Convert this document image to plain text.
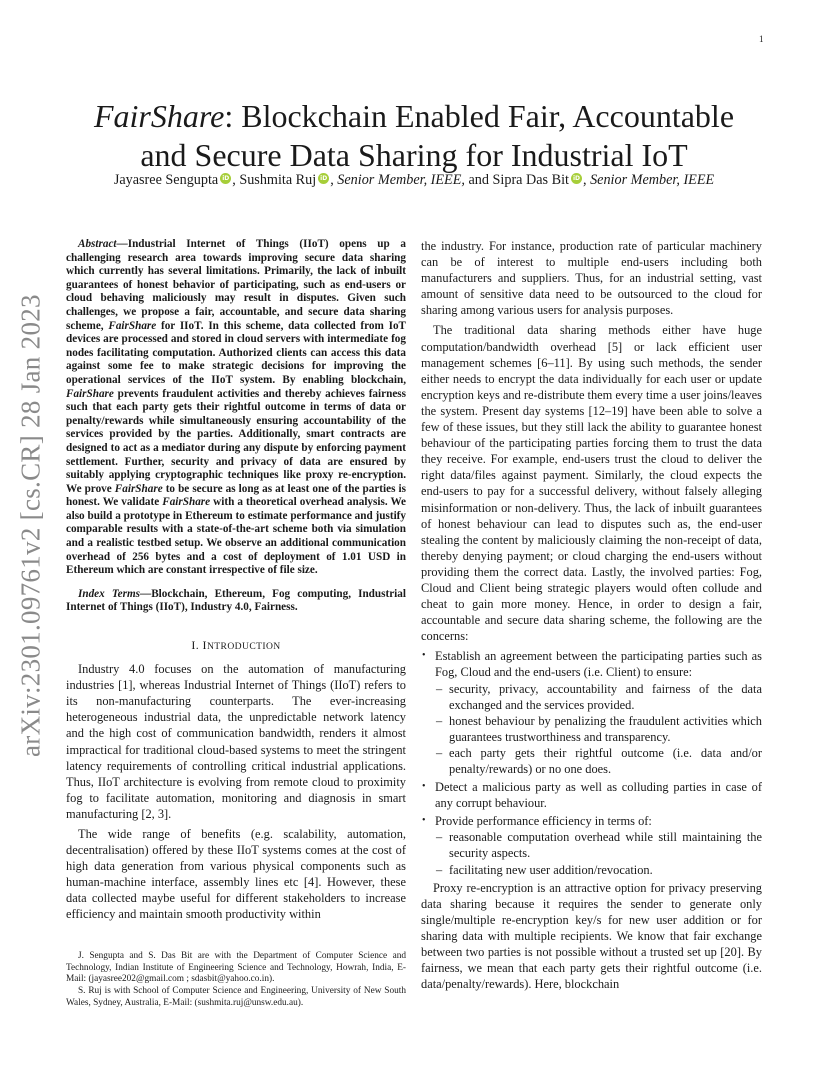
1
arXiv:2301.09761v2 [cs.CR] 28 Jan 2023
FairShare: Blockchain Enabled Fair, Accountable
and Secure Data Sharing for Industrial IoT
Jayasree Sengupta iD , Sushmita Ruj iD , Senior Member, IEEE, and Sipra Das Bit iD , Senior Member, IEEE

Abstract—Industrial Internet of Things (IIoT) opens up a challenging research area towards improving secure data sharing which currently has several limitations. Primarily, the lack of inbuilt guarantees of honest behavior of participating, such as end-users or cloud behaving maliciously may result in disputes. Given such challenges, we propose a fair, accountable, and secure data sharing scheme, FairShare for IIoT. In this scheme, data collected from IoT devices are processed and stored in cloud servers with intermediate fog nodes facilitating computation. Authorized clients can access this data against some fee to make strategic decisions for improving the operational services of the IIoT system. By enabling blockchain, FairShare prevents fraudulent activities and thereby achieves fairness such that each party gets their rightful outcome in terms of data or penalty/rewards while simultaneously ensuring accountability of the services provided by the parties. Additionally, smart contracts are designed to act as a mediator during any dispute by enforcing payment settlement. Further, security and privacy of data are ensured by suitably applying cryptographic techniques like proxy re-encryption. We prove FairShare to be secure as long as at least one of the parties is honest. We validate FairShare with a theoretical overhead analysis. We also build a prototype in Ethereum to estimate performance and justify comparable results with a state-of-the-art scheme both via simulation and a realistic testbed setup. We observe an additional communication overhead of 256 bytes and a cost of deployment of 1.01 USD in Ethereum which are constant irrespective of file size.

Index Terms—Blockchain, Ethereum, Fog computing, Industrial Internet of Things (IIoT), Industry 4.0, Fairness.

I. INTRODUCTION

Industry 4.0 focuses on the automation of manufacturing industries [1], whereas Industrial Internet of Things (IIoT) refers to its non-manufacturing counterparts. The ever-increasing heterogeneous industrial data, the unpredictable network latency and the high cost of communication bandwidth, renders it almost impractical for traditional cloud-based systems to meet the stringent latency requirements of controlling critical industrial applications. Thus, IIoT architecture is evolving from remote cloud to proximity fog to facilitate automation, monitoring and diagnosis in smart manufacturing [2, 3].

The wide range of benefits (e.g. scalability, automation, decentralisation) offered by these IIoT systems comes at the cost of high data generation from various physical components such as human-machine interface, assembly lines etc [4]. However, these data collected maybe useful for different stakeholders to increase efficiency and maintain smooth productivity within

J. Sengupta and S. Das Bit are with the Department of Computer Science and Technology, Indian Institute of Engineering Science and Technology, Howrah, India, E-Mail: (jayasree202@gmail.com ; sdasbit@yahoo.co.in).

S. Ruj is with School of Computer Science and Engineering, University of New South Wales, Sydney, Australia, E-Mail: (sushmita.ruj@unsw.edu.au).

the industry. For instance, production rate of particular machinery can be of interest to multiple end-users including both manufacturers and suppliers. Thus, for an industrial setting, vast amount of sensitive data need to be outsourced to the cloud for sharing among various users for analysis purposes.

The traditional data sharing methods either have huge computation/bandwidth overhead [5] or lack efficient user management schemes [6–11]. By using such methods, the sender either needs to encrypt the data individually for each user or update encryption keys and re-distribute them every time a user joins/leaves the system. Present day systems [12–19] have been able to solve a few of these issues, but they still lack the ability to guarantee honest behaviour of the participating parties forcing them to trust the data they receive. For example, end-users trust the cloud to deliver the right data/files against payment. Similarly, the cloud expects the end-users to pay for a successful delivery, without falsely alleging misinformation or non-delivery. Thus, the lack of inbuilt guarantees of honest behaviour can lead to disputes such as, the end-user stealing the content by maliciously claiming the non-receipt of data, thereby denying payment; or cloud charging the end-users without providing them the correct data. Lastly, the involved parties: Fog, Cloud and Client being strategic players would often collude and cheat to gain more money. Hence, in order to design a fair, accountable and secure data sharing scheme, the following are the concerns:

• Establish an agreement between the participating parties such as Fog, Cloud and the end-users (i.e. Client) to ensure:
– security, privacy, accountability and fairness of the data exchanged and the services provided.
– honest behaviour by penalizing the fraudulent activities which guarantees trustworthiness and transparency.
– each party gets their rightful outcome (i.e. data and/or penalty/rewards) or no one does.
• Detect a malicious party as well as colluding parties in case of any corrupt behaviour.
• Provide performance efficiency in terms of:
– reasonable computation overhead while still maintaining the security aspects.
– facilitating new user addition/revocation.

Proxy re-encryption is an attractive option for privacy preserving data sharing because it requires the sender to generate only single/multiple re-encryption key/s for new user addition or for sharing data with multiple recipients. We know that fair exchange between two parties is not possible without a trusted set up [20]. By fairness, we mean that each party gets their rightful outcome (i.e. data/penalty/rewards). Here, blockchain
